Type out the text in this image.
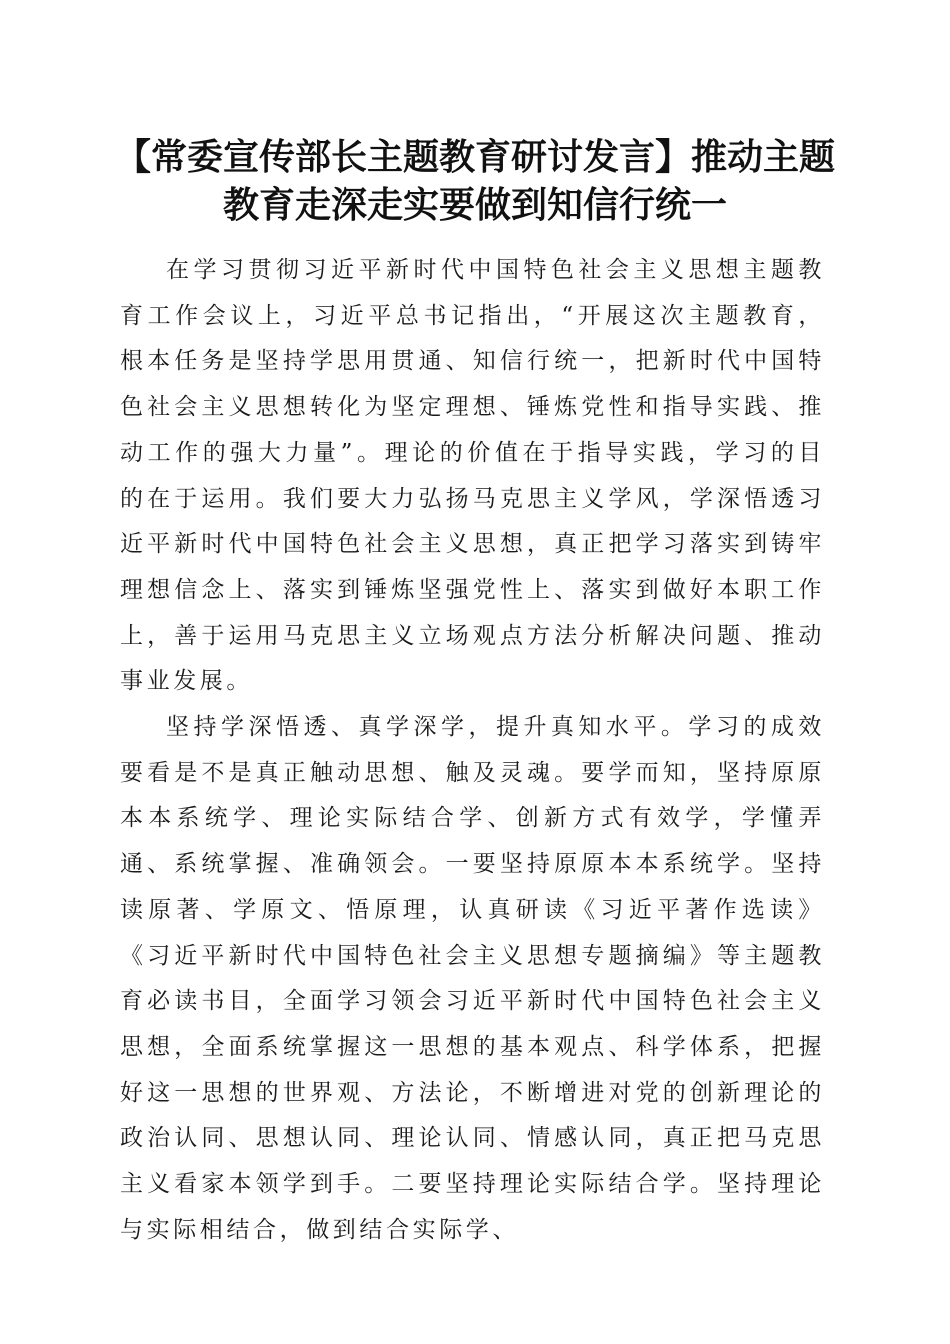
【常委宣传部长主题教育研讨发言】推动主题教育走深走实要做到知信行统一

在学习贯彻习近平新时代中国特色社会主义思想主题教育工作会议上，习近平总书记指出，“开展这次主题教育，根本任务是坚持学思用贯通、知信行统一，把新时代中国特色社会主义思想转化为坚定理想、锤炼党性和指导实践、推动工作的强大力量”。理论的价值在于指导实践，学习的目的在于运用。我们要大力弘扬马克思主义学风，学深悟透习近平新时代中国特色社会主义思想，真正把学习落实到铸牢理想信念上、落实到锤炼坚强党性上、落实到做好本职工作上，善于运用马克思主义立场观点方法分析解决问题、推动事业发展。

坚持学深悟透、真学深学，提升真知水平。学习的成效要看是不是真正触动思想、触及灵魂。要学而知，坚持原原本本系统学、理论实际结合学、创新方式有效学，学懂弄通、系统掌握、准确领会。一要坚持原原本本系统学。坚持读原著、学原文、悟原理，认真研读《习近平著作选读》《习近平新时代中国特色社会主义思想专题摘编》等主题教育必读书目，全面学习领会习近平新时代中国特色社会主义思想，全面系统掌握这一思想的基本观点、科学体系，把握好这一思想的世界观、方法论，不断增进对党的创新理论的政治认同、思想认同、理论认同、情感认同，真正把马克思主义看家本领学到手。二要坚持理论实际结合学。坚持理论与实际相结合，做到结合实际学、
